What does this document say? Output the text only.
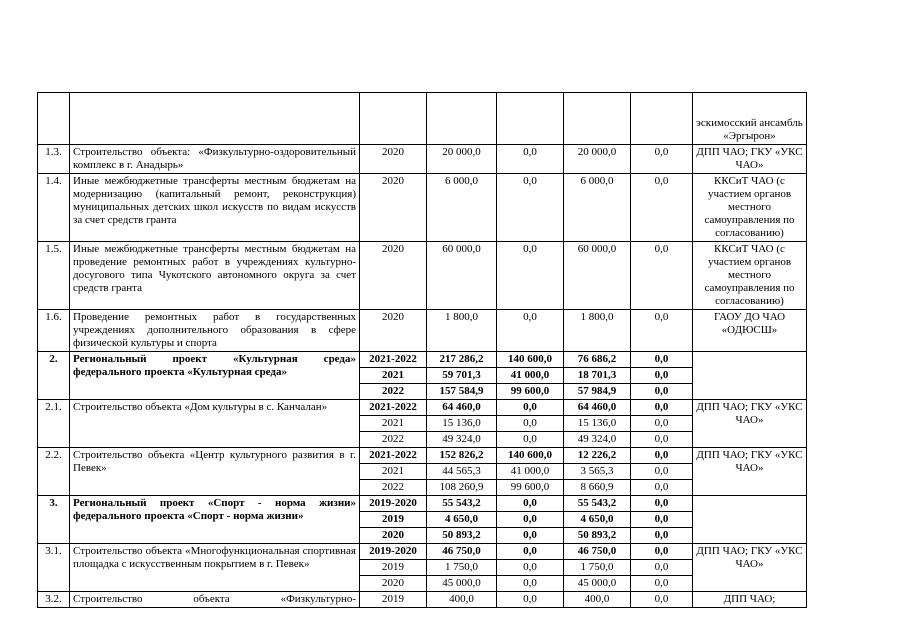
							эскимосский ансамбль «Эргырон»
1.3.	Строительство объекта: «Физкультурно-оздоровительный комплекс в г. Анадырь»	2020	20 000,0	0,0	20 000,0	0,0	ДПП ЧАО; ГКУ «УКС ЧАО»
1.4.	Иные межбюджетные трансферты местным бюджетам на модернизацию (капитальный ремонт, реконструкция) муниципальных детских школ искусств по видам искусств за счет средств гранта	2020	6 000,0	0,0	6 000,0	0,0	ККСиТ ЧАО (с участием органов местного самоуправления по согласованию)
1.5.	Иные межбюджетные трансферты местным бюджетам на проведение ремонтных работ в учреждениях культурно-досугового типа Чукотского автономного округа за счет средств гранта	2020	60 000,0	0,0	60 000,0	0,0	ККСиТ ЧАО (с участием органов местного самоуправления по согласованию)
1.6.	Проведение ремонтных работ в государственных учреждениях дополнительного образования в сфере физической культуры и спорта	2020	1 800,0	0,0	1 800,0	0,0	ГАОУ ДО ЧАО «ОДЮСШ»
2.	Региональный проект «Культурная среда» федерального проекта «Культурная среда»	2021-2022	217 286,2	140 600,0	76 686,2	0,0	
		2021	59 701,3	41 000,0	18 701,3	0,0	
		2022	157 584,9	99 600,0	57 984,9	0,0	
2.1.	Строительство объекта «Дом культуры в с. Канчалан»	2021-2022	64 460,0	0,0	64 460,0	0,0	ДПП ЧАО; ГКУ «УКС ЧАО»
		2021	15 136,0	0,0	15 136,0	0,0	
		2022	49 324,0	0,0	49 324,0	0,0	
2.2.	Строительство объекта «Центр культурного развития в г. Певек»	2021-2022	152 826,2	140 600,0	12 226,2	0,0	ДПП ЧАО; ГКУ «УКС ЧАО»
		2021	44 565,3	41 000,0	3 565,3	0,0	
		2022	108 260,9	99 600,0	8 660,9	0,0	
3.	Региональный проект «Спорт - норма жизни» федерального проекта «Спорт - норма жизни»	2019-2020	55 543,2	0,0	55 543,2	0,0	
		2019	4 650,0	0,0	4 650,0	0,0	
		2020	50 893,2	0,0	50 893,2	0,0	
3.1.	Строительство объекта «Многофункциональная спортивная площадка с искусственным покрытием в г. Певек»	2019-2020	46 750,0	0,0	46 750,0	0,0	ДПП ЧАО; ГКУ «УКС ЧАО»
		2019	1 750,0	0,0	1 750,0	0,0	
		2020	45 000,0	0,0	45 000,0	0,0	
3.2.	Строительство объекта «Физкультурно-	2019	400,0	0,0	400,0	0,0	ДПП ЧАО;
